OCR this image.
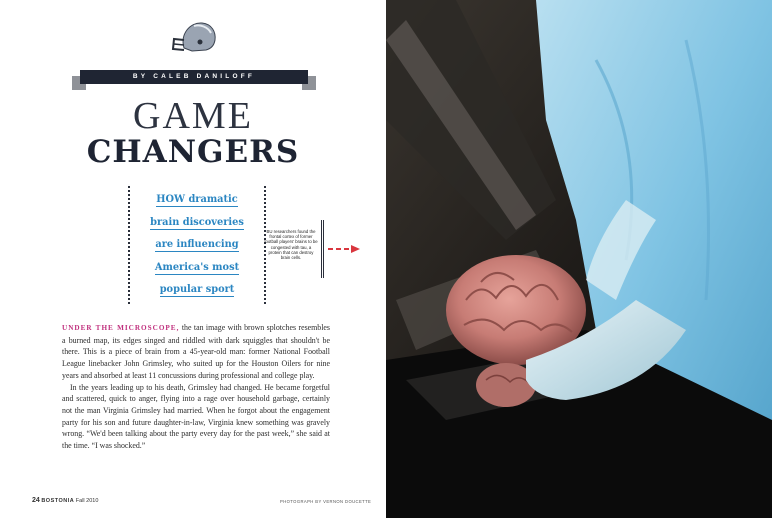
BY CALEB DANILOFF
GAME
CHANGERS
HOW dramatic
brain discoveries
are influencing
America's most
popular sport
BU researchers found the frontal cortex of former football players' brains to be congested with tau, a protein that can destroy brain cells.

UNDER THE MICROSCOPE, the tan image with brown splotches resembles a burned map, its edges singed and riddled with dark squiggles that shouldn't be there. This is a piece of brain from a 45-year-old man: former National Football League linebacker John Grimsley, who suited up for the Houston Oilers for nine years and absorbed at least 11 concussions during professional and college play.

In the years leading up to his death, Grimsley had changed. He became forgetful and scattered, quick to anger, flying into a rage over household garbage, certainly not the man Virginia Grimsley had married. When he forgot about the engagement party for his son and future daughter-in-law, Virginia knew something was gravely wrong. “We'd been talking about the party every day for the past week,” she said at the time. “I was shocked.”

24 BOSTONIA Fall 2010	PHOTOGRAPH BY VERNON DOUCETTE
